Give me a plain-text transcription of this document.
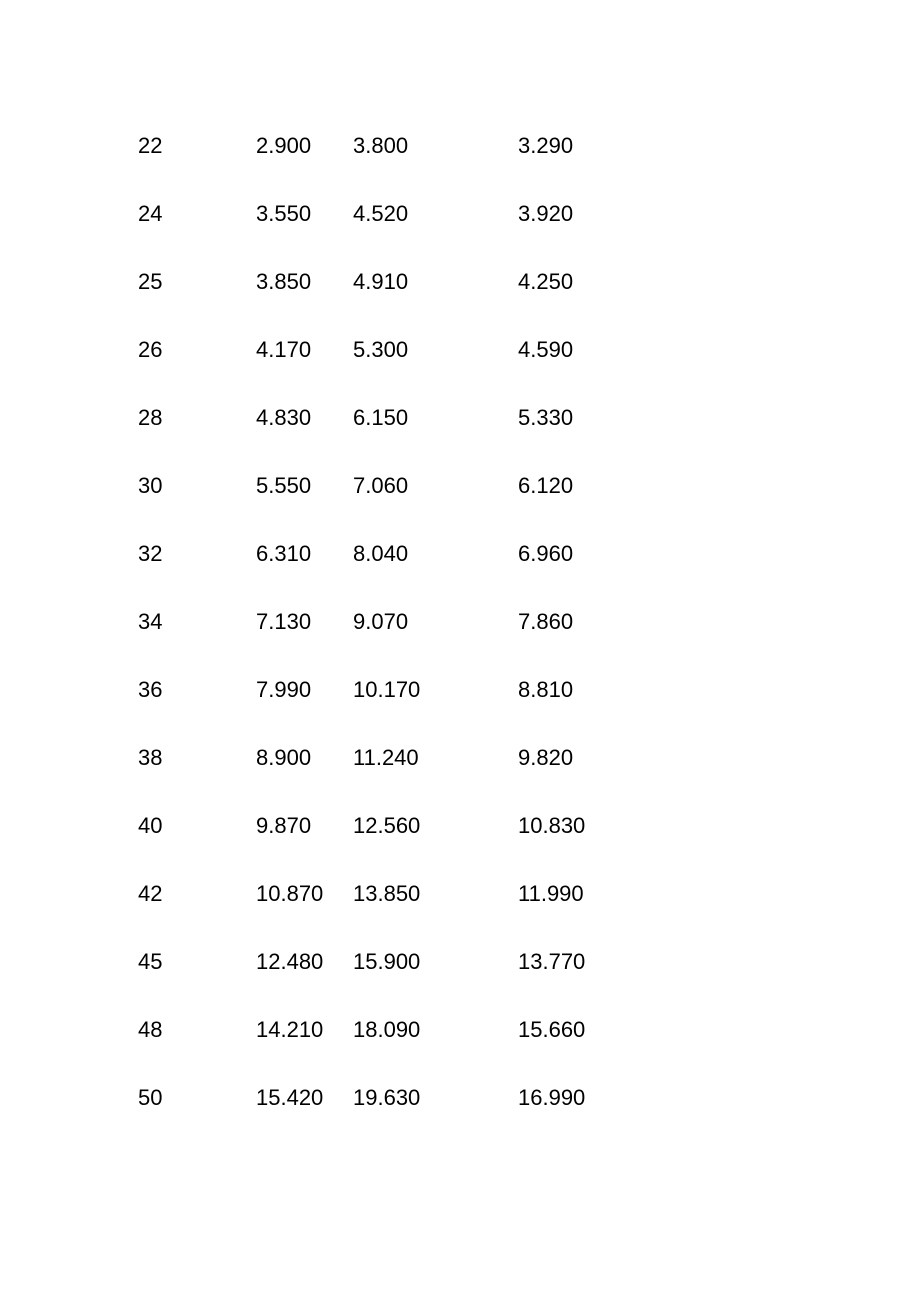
22	2.900 3.800	3.290
24	3.550 4.520	3.920
25	3.850 4.910	4.250
26	4.170 5.300	4.590
28	4.830 6.150	5.330
30	5.550 7.060	6.120
32	6.310 8.040	6.960
34	7.130 9.070	7.860
36	7.990 10.170	8.810
38	8.900 11.240	9.820
40	9.870 12.560	10.830
42	10.870 13.850	11.990
45	12.480 15.900	13.770
48	14.210 18.090	15.660
50	15.420 19.630	16.990
